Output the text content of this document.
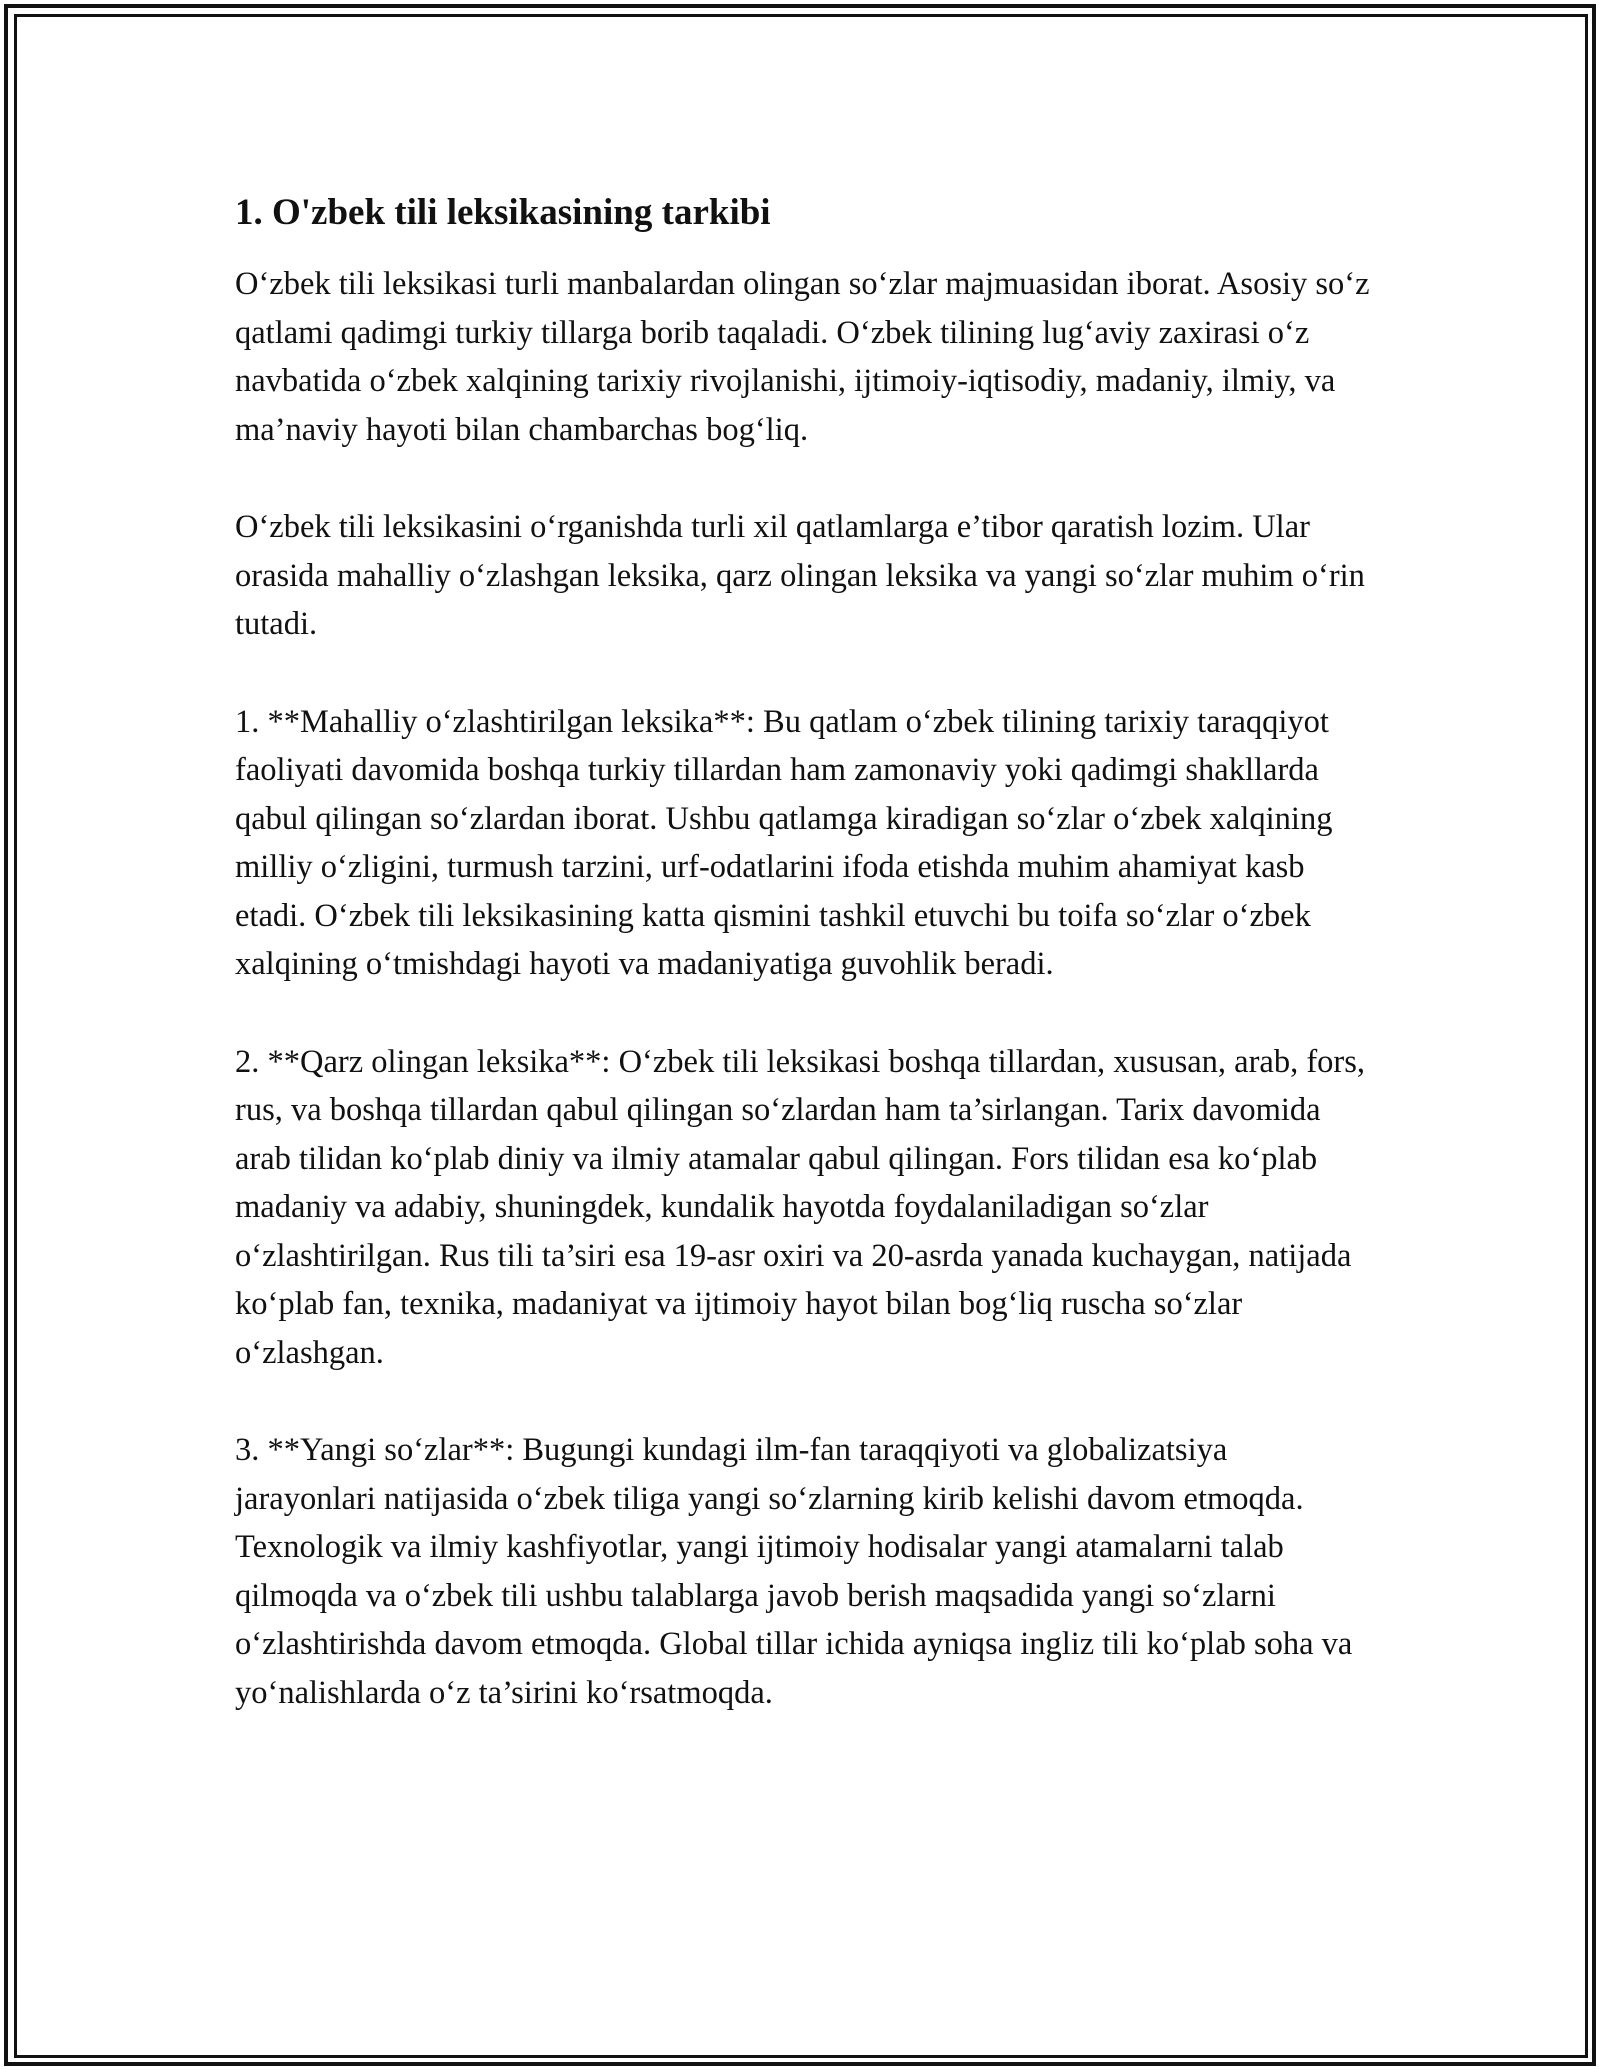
1. O'zbek tili leksikasining tarkibi

O‘zbek tili leksikasi turli manbalardan olingan so‘zlar majmuasidan iborat. Asosiy so‘z qatlami qadimgi turkiy tillarga borib taqaladi. O‘zbek tilining lug‘aviy zaxirasi o‘z navbatida o‘zbek xalqining tarixiy rivojlanishi, ijtimoiy-iqtisodiy, madaniy, ilmiy, va ma’naviy hayoti bilan chambarchas bog‘liq.

O‘zbek tili leksikasini o‘rganishda turli xil qatlamlarga e’tibor qaratish lozim. Ular orasida mahalliy o‘zlashgan leksika, qarz olingan leksika va yangi so‘zlar muhim o‘rin tutadi.

1. **Mahalliy o‘zlashtirilgan leksika**: Bu qatlam o‘zbek tilining tarixiy taraqqiyot faoliyati davomida boshqa turkiy tillardan ham zamonaviy yoki qadimgi shakllarda qabul qilingan so‘zlardan iborat. Ushbu qatlamga kiradigan so‘zlar o‘zbek xalqining milliy o‘zligini, turmush tarzini, urf-odatlarini ifoda etishda muhim ahamiyat kasb etadi. O‘zbek tili leksikasining katta qismini tashkil etuvchi bu toifa so‘zlar o‘zbek xalqining o‘tmishdagi hayoti va madaniyatiga guvohlik beradi.

2. **Qarz olingan leksika**: O‘zbek tili leksikasi boshqa tillardan, xususan, arab, fors, rus, va boshqa tillardan qabul qilingan so‘zlardan ham ta’sirlangan. Tarix davomida arab tilidan ko‘plab diniy va ilmiy atamalar qabul qilingan. Fors tilidan esa ko‘plab madaniy va adabiy, shuningdek, kundalik hayotda foydalaniladigan so‘zlar o‘zlashtirilgan. Rus tili ta’siri esa 19-asr oxiri va 20-asrda yanada kuchaygan, natijada ko‘plab fan, texnika, madaniyat va ijtimoiy hayot bilan bog‘liq ruscha so‘zlar o‘zlashgan.

3. **Yangi so‘zlar**: Bugungi kundagi ilm-fan taraqqiyoti va globalizatsiya jarayonlari natijasida o‘zbek tiliga yangi so‘zlarning kirib kelishi davom etmoqda. Texnologik va ilmiy kashfiyotlar, yangi ijtimoiy hodisalar yangi atamalarni talab qilmoqda va o‘zbek tili ushbu talablarga javob berish maqsadida yangi so‘zlarni o‘zlashtirishda davom etmoqda. Global tillar ichida ayniqsa ingliz tili ko‘plab soha va yo‘nalishlarda o‘z ta’sirini ko‘rsatmoqda.
